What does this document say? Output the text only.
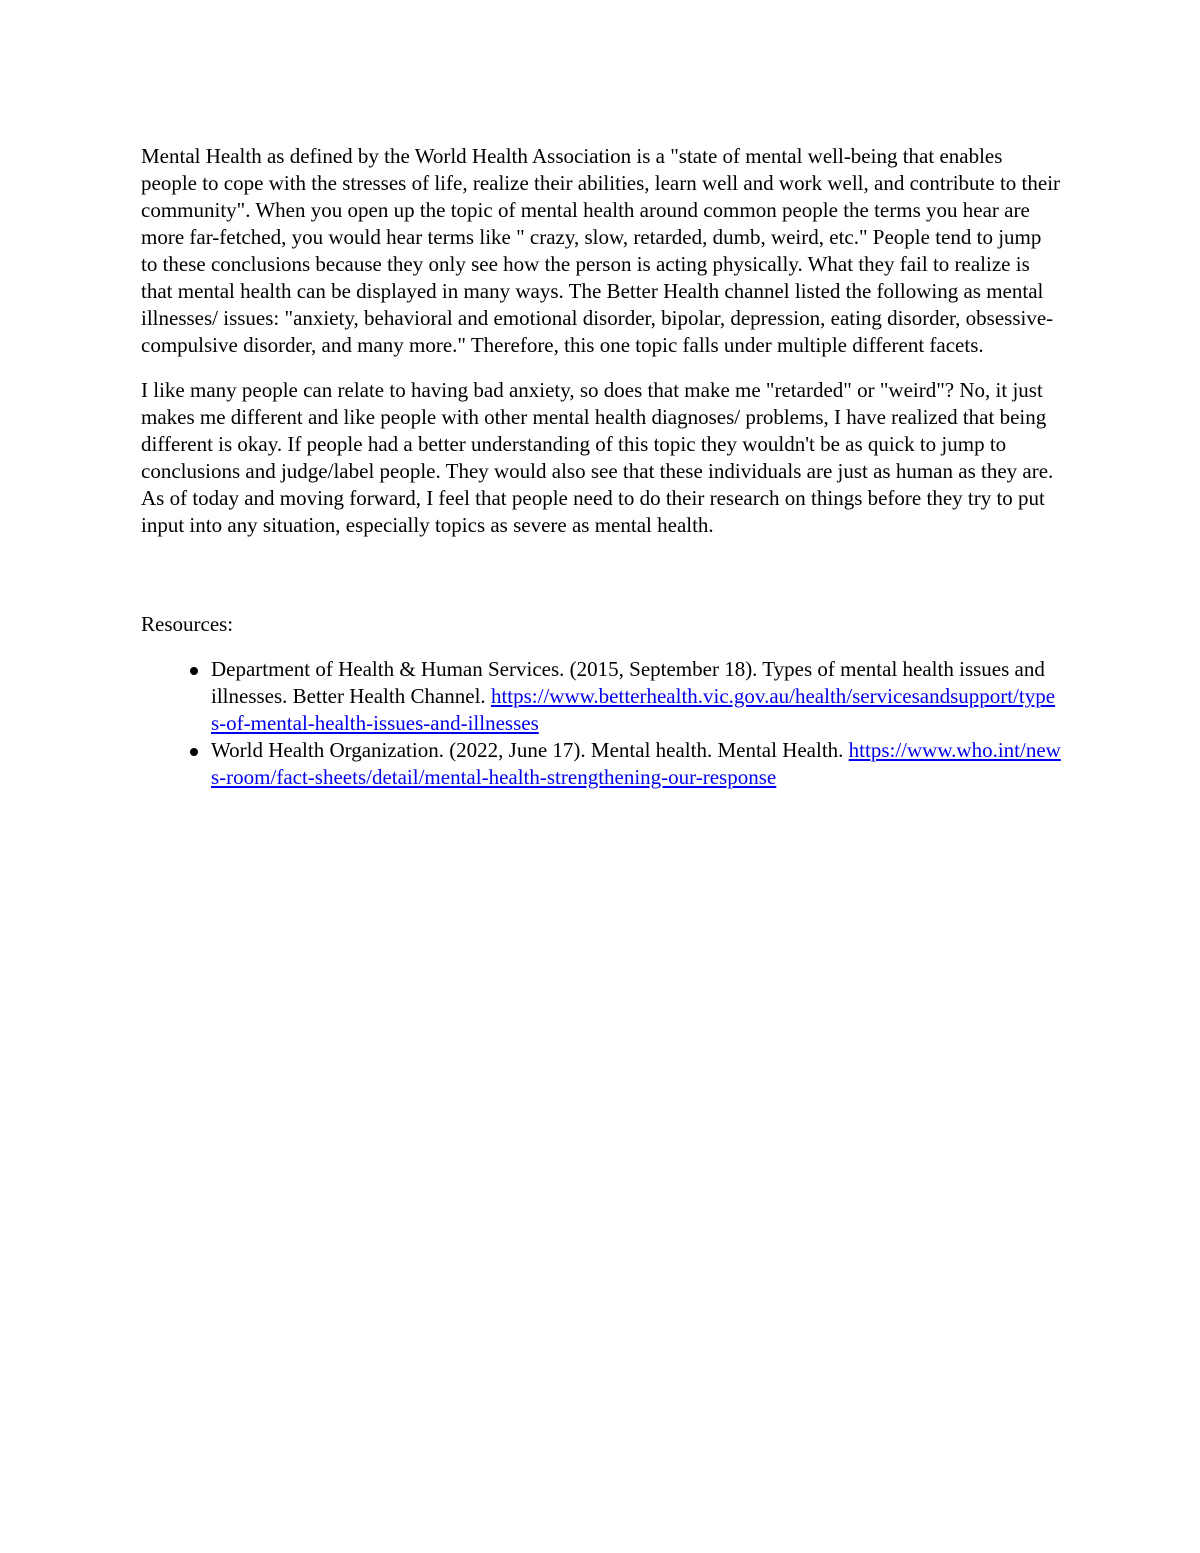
Mental Health as defined by the World Health Association is a "state of mental well-being that enables people to cope with the stresses of life, realize their abilities, learn well and work well, and contribute to their community". When you open up the topic of mental health around common people the terms you hear are more far-fetched, you would hear terms like " crazy, slow, retarded, dumb, weird, etc." People tend to jump to these conclusions because they only see how the person is acting physically. What they fail to realize is that mental health can be displayed in many ways. The Better Health channel listed the following as mental illnesses/ issues: "anxiety, behavioral and emotional disorder, bipolar, depression, eating disorder, obsessive-compulsive disorder, and many more." Therefore, this one topic falls under multiple different facets.

I like many people can relate to having bad anxiety, so does that make me "retarded" or "weird"? No, it just makes me different and like people with other mental health diagnoses/ problems, I have realized that being different is okay. If people had a better understanding of this topic they wouldn't be as quick to jump to conclusions and judge/label people. They would also see that these individuals are just as human as they are. As of today and moving forward, I feel that people need to do their research on things before they try to put input into any situation, especially topics as severe as mental health.

Resources:

Department of Health & Human Services. (2015, September 18). Types of mental health issues and illnesses. Better Health Channel. https://www.betterhealth.vic.gov.au/health/servicesandsupport/types-of-mental-health-issues-and-illnesses
World Health Organization. (2022, June 17). Mental health. Mental Health. https://www.who.int/news-room/fact-sheets/detail/mental-health-strengthening-our-response
